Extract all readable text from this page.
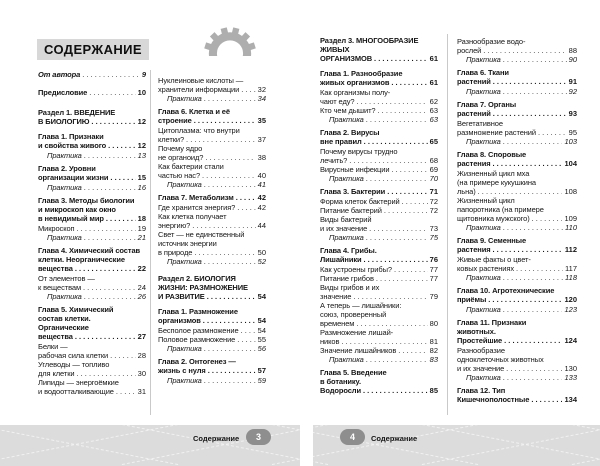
СОДЕРЖАНИЕ
От автора . . .	9
Предисловие . . .	10
Раздел 1. ВВЕДЕНИЕ
В БИОЛОГИЮ . . .	12
Глава 1. Признаки
и свойства живого . . .	12
Практика . . .	13
Глава 2. Уровни
организации жизни . . .	15
Практика . . .	16
Глава 3. Методы биологии
и микроскоп как окно
в невидимый мир . . .	18
Микроскоп . . .	19
Практика . . .	21
Глава 4. Химический состав
клетки. Неорганические
вещества . . .	22
От элементов —
к веществам . . .	24
Практика . . .	26
Глава 5. Химический
состав клетки.
Органические
вещества . . .	27
Белки —
рабочая сила клетки . . .	28
Углеводы — топливо
для клетки . . .	30
Липиды — энергоёмкие
и водоотталкивающие . . .	31
Нуклеиновые кислоты —
хранители информации . . . 32
Практика . . .	34
Глава 6. Клетка и её
строение . . .	35
Цитоплазма: что внутри
клетки? . . .	37
Почему ядро
не органоид? . . .	38
Как бактерии стали
частью нас? . . .	40
Практика . . .	41
Глава 7. Метаболизм . . .	42
Где хранится энергия? . . .	42
Как клетка получает
энергию? . . .	44
Свет — не единственный
источник энергии
в природе . . .	50
Практика . . .	52
Раздел 2. БИОЛОГИЯ
ЖИЗНИ: РАЗМНОЖЕНИЕ
И РАЗВИТИЕ . . .	54
Глава 1. Размножение
организмов . . .	54
Бесполое размножение . . .	54
Половое размножение . . .	55
Практика . . .	56
Глава 2. Онтогенез —
жизнь с нуля . . .	57
Практика . . .	59
Раздел 3. МНОГООБРАЗИЕ
ЖИВЫХ
ОРГАНИЗМОВ . . .	61
Глава 1. Разнообразие
живых организмов . . .	61
Как организмы полу-
чают еду? . . .	62
Кто чем дышит? . . .	63
Практика . . .	63
Глава 2. Вирусы
вне правил . . .	65
Почему вирусы трудно
лечить? . . .	68
Вирусные инфекции . . .	69
Практика . . .	70
Глава 3. Бактерии . . .	71
Форма клеток бактерий . . .	72
Питание бактерий . . .	72
Виды бактерий
и их значение . . .	73
Практика . . .	75
Глава 4. Грибы.
Лишайники . . .	76
Как устроены грибы? . . .	77
Питание грибов . . .	77
Виды грибов и их
значение . . .	79
А теперь — лишайники:
союз, проверенный
временем . . .	80
Размножение лишай-
ников . . .	81
Значение лишайников . . .	82
Практика . . .	83
Глава 5. Введение
в ботанику.
Водоросли . . .	85
Разнообразие водо-
рослей . . .	88
Практика . . .	90
Глава 6. Ткани
растений . . .	91
Практика . . .	92
Глава 7. Органы
растений . . .	93
Вегетативное
размножение растений . . .	95
Практика . . .	103
Глава 8. Споровые
растения . . .	104
Жизненный цикл мха
(на примере кукушкина
льна) . . .	108
Жизненный цикл
папоротника (на примере
щитовника мужского) . . .	109
Практика . . .	110
Глава 9. Семенные
растения . . .	112
Живые факты о цвет-
ковых растениях . . .	117
Практика . . .	118
Глава 10. Агротехнические
приёмы . . .	120
Практика . . .	123
Глава 11. Признаки
животных.
Простейшие . . .	124
Разнообразие
одноклеточных животных
и их значение . . .	130
Практика . . .	133
Глава 12. Тип
Кишечнополостные . . .	134
Содержание	3	4	Содержание
